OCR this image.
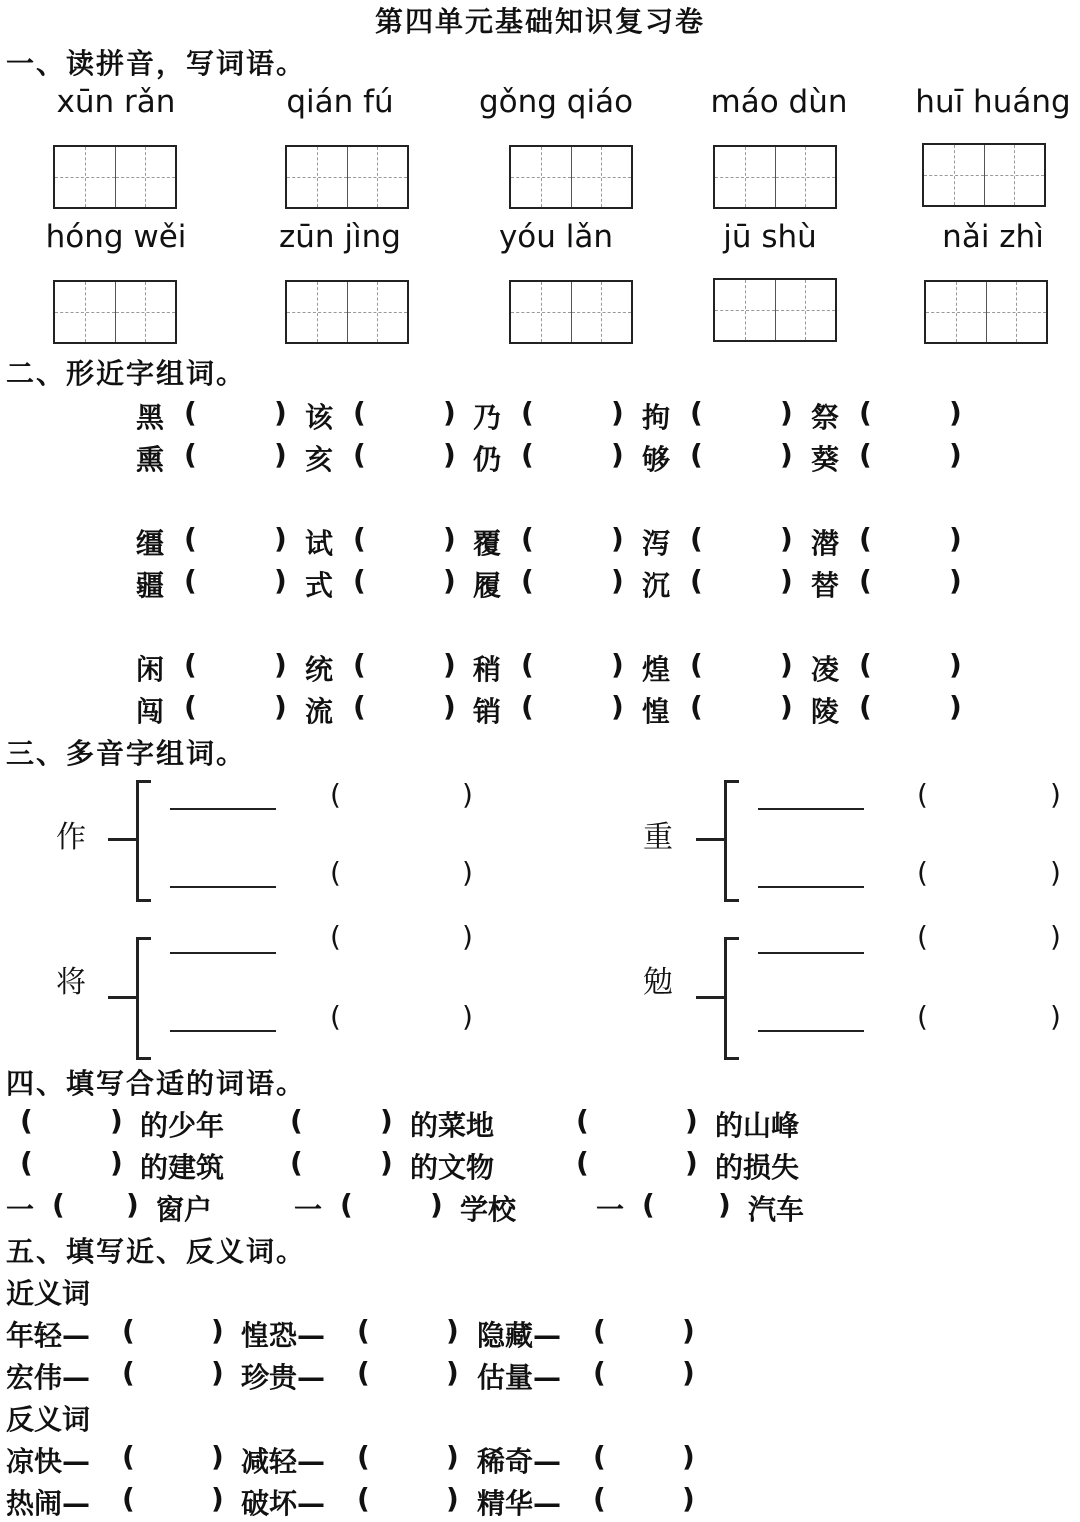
第四单元基础知识复习卷
一、读拼音，写词语。
xūn rǎn	qián fú	gǒng qiáo	máo dùn	huī huáng
hóng wěi	zūn jìng	yóu lǎn	jū shù	nǎi zhì
二、形近字组词。
黑 (	) 该 (	) 乃 (	) 拘 (	) 祭 (	)
熏 (	) 亥 (	) 仍 (	) 够 (	) 葵 (	)
缰 (	) 试 (	) 覆 (	) 泻 (	) 潜 (	)
疆 (	) 式 (	) 履 (	) 沉 (	) 替 (	)
闲 (	) 统 (	) 稍 (	) 煌 (	) 凌 (	)
闯 (	) 流 (	) 销 (	) 惶 (	) 陵 (	)
三、多音字组词。
作
(	)
(	)
重
(	)
(	)
将
(	)
(	)
勉
(	)
(	)
四、填写合适的词语。
(	) 的少年 (	) 的菜地	(	) 的山峰
(	) 的建筑 (	) 的文物	(	) 的损失
一 ( ) 窗户	一 (	) 学校	一 ( ) 汽车
五、填写近、反义词。
近义词
年轻— (	) 惶恐— (	) 隐藏— (	)
宏伟— (	) 珍贵— (	) 估量— (	)
凉快— (	) 减轻— (	) 稀奇— (	)
热闹— (	) 破坏— (	) 精华— (	)
反义词
